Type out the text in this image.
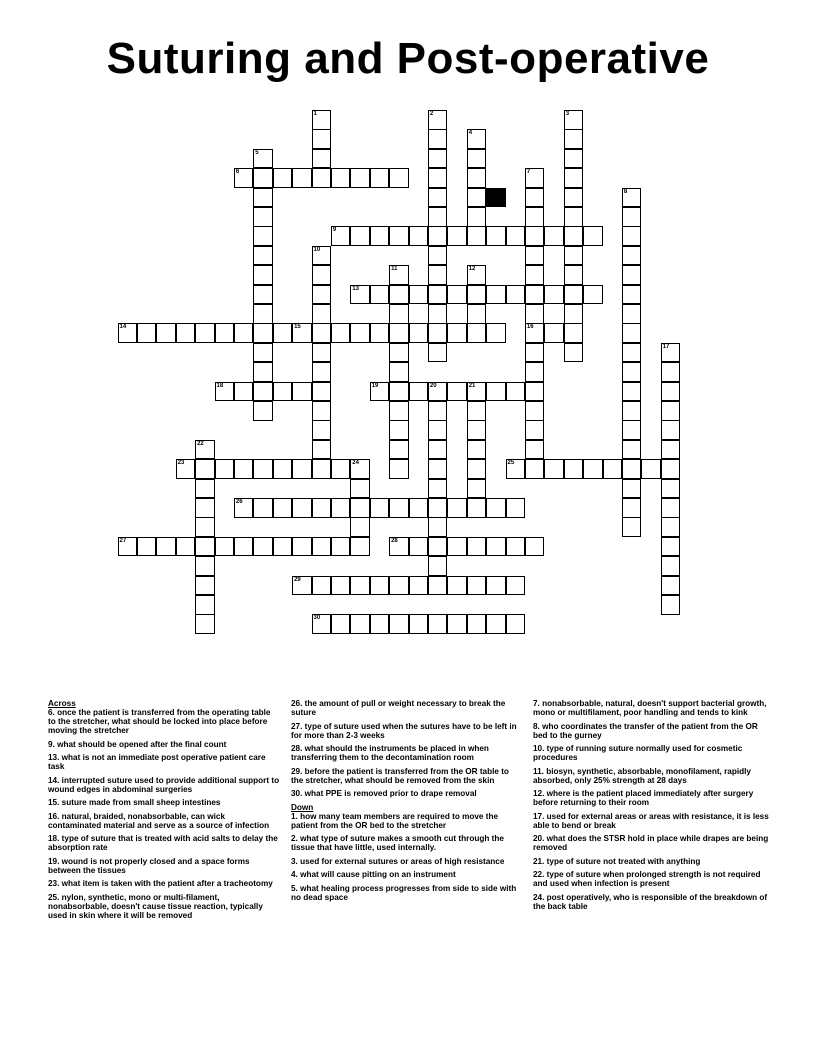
Suturing and Post-operative
6
9
13
14	15	16
18	19	20	21
23	25
26
27	28
29
30
1	2	3
4
5
7
8
10
11	12
17
22
24
Across
6. once the patient is transferred from the operating table to the stretcher, what should be locked into place before moving the stretcher
9. what should be opened after the final count
13. what is not an immediate post operative patient care task
14. interrupted suture used to provide additional support to wound edges in abdominal surgeries
15. suture made from small sheep intestines
16. natural, braided, nonabsorbable, can wick contaminated material and serve as a source of infection
18. type of suture that is treated with acid salts to delay the absorption rate
19. wound is not properly closed and a space forms between the tissues
23. what item is taken with the patient after a tracheotomy
25. nylon, synthetic, mono or multi-filament, nonabsorbable, doesn't cause tissue reaction, typically used in skin where it will be removed
26. the amount of pull or weight necessary to break the suture
27. type of suture used when the sutures have to be left in for more than 2-3 weeks
28. what should the instruments be placed in when transferring them to the decontamination room
29. before the patient is transferred from the OR table to the stretcher, what should be removed from the skin
30. what PPE is removed prior to drape removal
Down
1. how many team members are required to move the patient from the OR bed to the stretcher
2. what type of suture makes a smooth cut through the tissue that have little, used internally.
3. used for external sutures or areas of high resistance
4. what will cause pitting on an instrument
5. what healing process progresses from side to side with no dead space
7. nonabsorbable, natural, doesn't support bacterial growth, mono or multifilament, poor handling and tends to kink
8. who coordinates the transfer of the patient from the OR bed to the gurney
10. type of running suture normally used for cosmetic procedures
11. biosyn, synthetic, absorbable, monofilament, rapidly absorbed, only 25% strength at 28 days
12. where is the patient placed immediately after surgery before returning to their room
17. used for external areas or areas with resistance, it is less able to bend or break
20. what does the STSR hold in place while drapes are being removed
21. type of suture not treated with anything
22. type of suture when prolonged strength is not required and used when infection is present
24. post operatively, who is responsible of the breakdown of the back table
